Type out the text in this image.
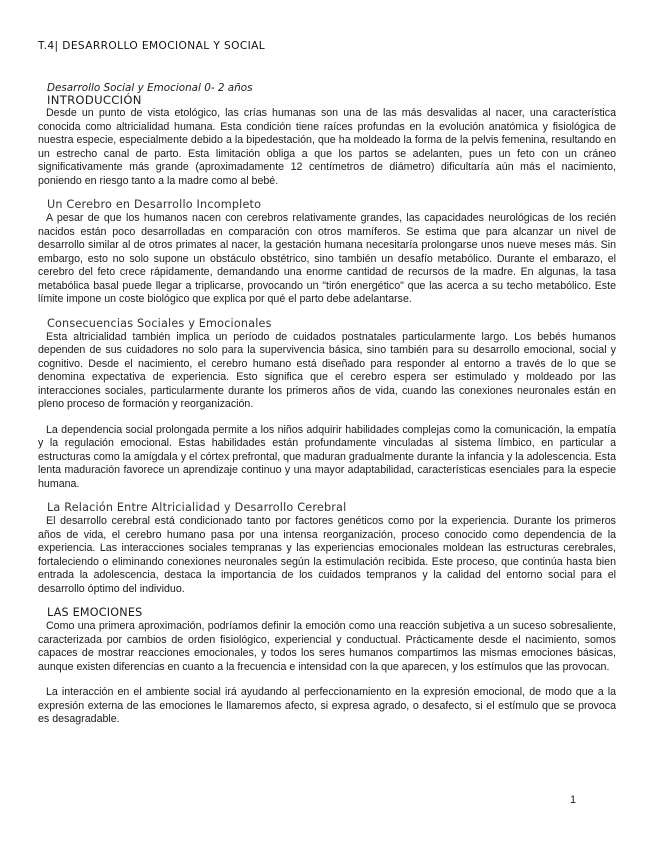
T.4| DESARROLLO EMOCIONAL Y SOCIAL
Desarrollo Social y Emocional 0- 2 años
INTRODUCCIÓN

Desde un punto de vista etológico, las crías humanas son una de las más desvalidas al nacer, una característica conocida como altricialidad humana. Esta condición tiene raíces profundas en la evolución anatómica y fisiológica de nuestra especie, especialmente debido a la bipedestación, que ha moldeado la forma de la pelvis femenina, resultando en un estrecho canal de parto. Esta limitación obliga a que los partos se adelanten, pues un feto con un cráneo significativamente más grande (aproximadamente 12 centímetros de diámetro) dificultaría aún más el nacimiento, poniendo en riesgo tanto a la madre como al bebé.

Un Cerebro en Desarrollo Incompleto

A pesar de que los humanos nacen con cerebros relativamente grandes, las capacidades neurológicas de los recién nacidos están poco desarrolladas en comparación con otros mamíferos. Se estima que para alcanzar un nivel de desarrollo similar al de otros primates al nacer, la gestación humana necesitaría prolongarse unos nueve meses más. Sin embargo, esto no solo supone un obstáculo obstétrico, sino también un desafío metabólico. Durante el embarazo, el cerebro del feto crece rápidamente, demandando una enorme cantidad de recursos de la madre. En algunas, la tasa metabólica basal puede llegar a triplicarse, provocando un "tirón energético" que las acerca a su techo metabólico. Este límite impone un coste biológico que explica por qué el parto debe adelantarse.

Consecuencias Sociales y Emocionales

Esta altricialidad también implica un período de cuidados postnatales particularmente largo. Los bebés humanos dependen de sus cuidadores no solo para la supervivencia básica, sino también para su desarrollo emocional, social y cognitivo. Desde el nacimiento, el cerebro humano está diseñado para responder al entorno a través de lo que se denomina expectativa de experiencia. Esto significa que el cerebro espera ser estimulado y moldeado por las interacciones sociales, particularmente durante los primeros años de vida, cuando las conexiones neuronales están en pleno proceso de formación y reorganización.

La dependencia social prolongada permite a los niños adquirir habilidades complejas como la comunicación, la empatía y la regulación emocional. Estas habilidades están profundamente vinculadas al sistema límbico, en particular a estructuras como la amígdala y el córtex prefrontal, que maduran gradualmente durante la infancia y la adolescencia. Esta lenta maduración favorece un aprendizaje continuo y una mayor adaptabilidad, características esenciales para la especie humana.

La Relación Entre Altricialidad y Desarrollo Cerebral

El desarrollo cerebral está condicionado tanto por factores genéticos como por la experiencia. Durante los primeros años de vida, el cerebro humano pasa por una intensa reorganización, proceso conocido como dependencia de la experiencia. Las interacciones sociales tempranas y las experiencias emocionales moldean las estructuras cerebrales, fortaleciendo o eliminando conexiones neuronales según la estimulación recibida. Este proceso, que continúa hasta bien entrada la adolescencia, destaca la importancia de los cuidados tempranos y la calidad del entorno social para el desarrollo óptimo del individuo.

LAS EMOCIONES

Como una primera aproximación, podríamos definir la emoción como una reacción subjetiva a un suceso sobresaliente, caracterizada por cambios de orden fisiológico, experiencial y conductual. Prácticamente desde el nacimiento, somos capaces de mostrar reacciones emocionales, y todos los seres humanos compartimos las mismas emociones básicas, aunque existen diferencias en cuanto a la frecuencia e intensidad con la que aparecen, y los estímulos que las provocan.

La interacción en el ambiente social irá ayudando al perfeccionamiento en la expresión emocional, de modo que a la expresión externa de las emociones le llamaremos afecto, si expresa agrado, o desafecto, si el estímulo que se provoca es desagradable.

1
